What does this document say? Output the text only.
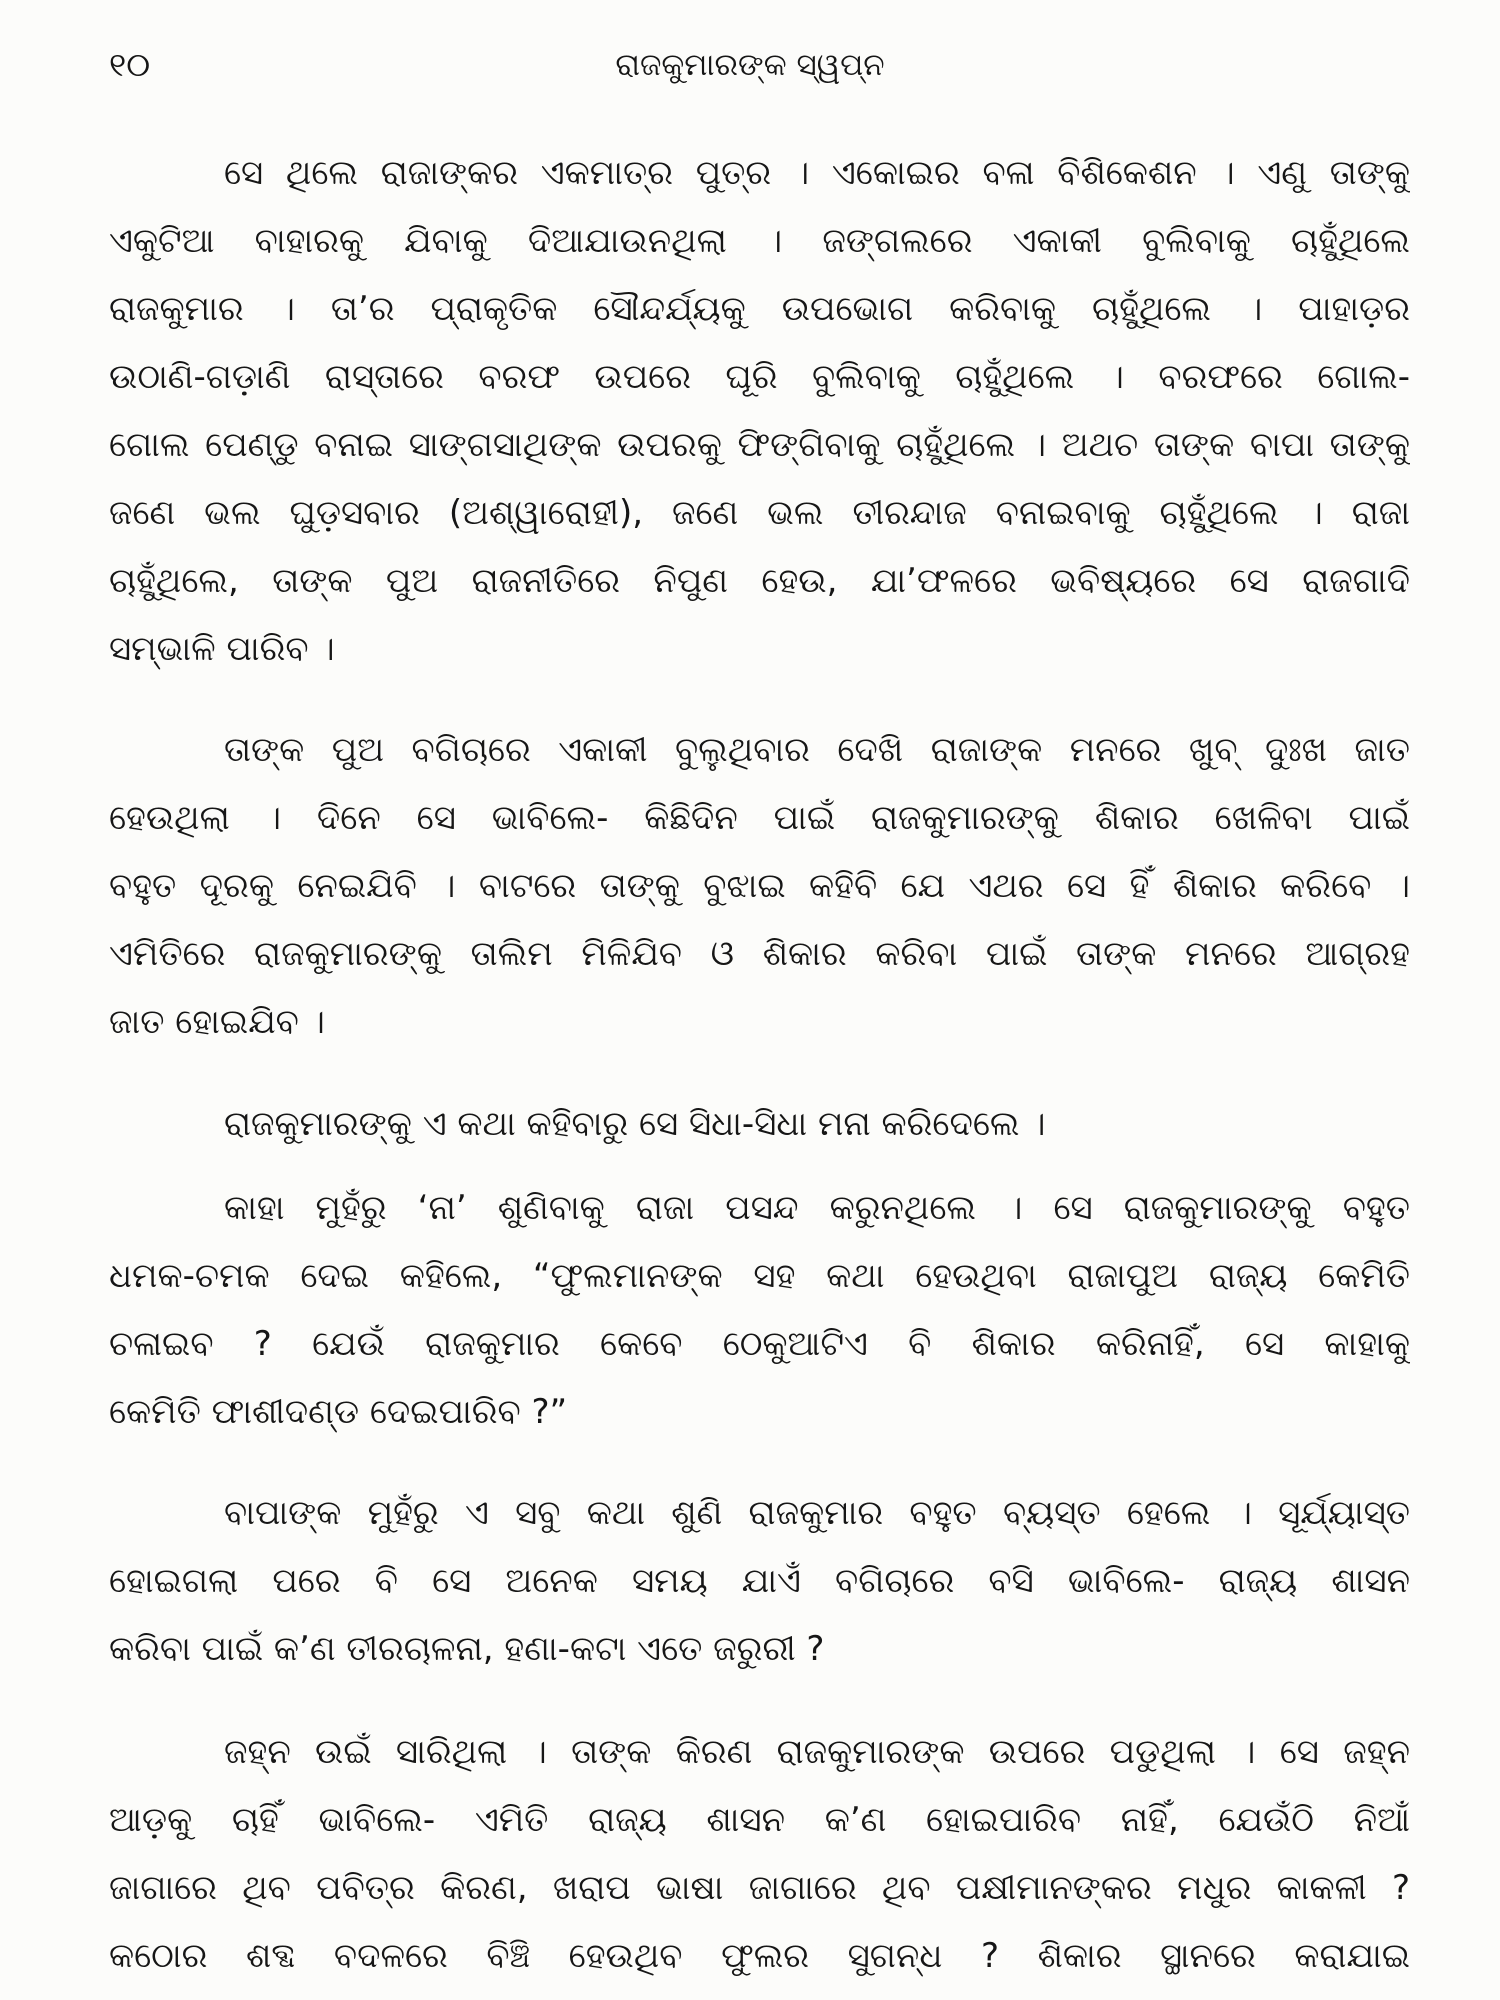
୧୦	ରାଜକୁମାରଙ୍କ ସ୍ୱପ୍ନ
ସେ ଥିଲେ ରାଜାଙ୍କର ଏକମାତ୍ର ପୁତ୍ର । ଏକୋଇର ବଳା ବିଶିକେଶନ । ଏଣୁ ତାଙ୍କୁ
ଏକୁଟିଆ ବାହାରକୁ ଯିବାକୁ ଦିଆଯାଉନଥିଲା । ଜଙ୍ଗଲରେ ଏକାକୀ ବୁଲିବାକୁ ଚାହୁଁଥିଲେ
ରାଜକୁମାର । ତା’ର ପ୍ରାକୃତିକ ସୌନ୍ଦର୍ଯ୍ୟକୁ ଉପଭୋଗ କରିବାକୁ ଚାହୁଁଥିଲେ । ପାହାଡ଼ର
ଉଠାଣି-ଗଡ଼ାଣି ରାସ୍ତାରେ ବରଫ ଉପରେ ଘୂରି ବୁଲିବାକୁ ଚାହୁଁଥିଲେ । ବରଫରେ ଗୋଲ-
ଗୋଲ ପେଣ୍ଡୁ ବନାଇ ସାଙ୍ଗସାଥିଙ୍କ ଉପରକୁ ଫିଙ୍ଗିବାକୁ ଚାହୁଁଥିଲେ । ଅଥଚ ତାଙ୍କ ବାପା ତାଙ୍କୁ
ଜଣେ ଭଲ ଘୁଡ଼ସବାର (ଅଶ୍ୱାରୋହୀ), ଜଣେ ଭଲ ତୀରନ୍ଦାଜ ବନାଇବାକୁ ଚାହୁଁଥିଲେ । ରାଜା
ଚାହୁଁଥିଲେ, ତାଙ୍କ ପୁଅ ରାଜନୀତିରେ ନିପୁଣ ହେଉ, ଯା’ଫଳରେ ଭବିଷ୍ୟରେ ସେ ରାଜଗାଦି
ସମ୍ଭାଳି ପାରିବ ।
ତାଙ୍କ ପୁଅ ବଗିଚାରେ ଏକାକୀ ବୁଲୁଥିବାର ଦେଖି ରାଜାଙ୍କ ମନରେ ଖୁବ୍ ଦୁଃଖ ଜାତ
ହେଉଥିଲା । ଦିନେ ସେ ଭାବିଲେ- କିଛିଦିନ ପାଇଁ ରାଜକୁମାରଙ୍କୁ ଶିକାର ଖେଳିବା ପାଇଁ
ବହୁତ ଦୂରକୁ ନେଇଯିବି । ବାଟରେ ତାଙ୍କୁ ବୁଝାଇ କହିବି ଯେ ଏଥର ସେ ହିଁ ଶିକାର କରିବେ ।
ଏମିତିରେ ରାଜକୁମାରଙ୍କୁ ତାଲିମ ମିଳିଯିବ ଓ ଶିକାର କରିବା ପାଇଁ ତାଙ୍କ ମନରେ ଆଗ୍ରହ
ଜାତ ହୋଇଯିବ ।
ରାଜକୁମାରଙ୍କୁ ଏ କଥା କହିବାରୁ ସେ ସିଧା-ସିଧା ମନା କରିଦେଲେ ।
କାହା ମୁହଁରୁ ‘ନା’ ଶୁଣିବାକୁ ରାଜା ପସନ୍ଦ କରୁନଥିଲେ । ସେ ରାଜକୁମାରଙ୍କୁ ବହୁତ
ଧମକ-ଚମକ ଦେଇ କହିଲେ, “ଫୁଲମାନଙ୍କ ସହ କଥା ହେଉଥିବା ରାଜାପୁଅ ରାଜ୍ୟ କେମିତି
ଚଳାଇବ ? ଯେଉଁ ରାଜକୁମାର କେବେ ଠେକୁଆଟିଏ ବି ଶିକାର କରିନାହିଁ, ସେ କାହାକୁ
କେମିତି ଫାଶୀଦଣ୍ଡ ଦେଇପାରିବ ?”
ବାପାଙ୍କ ମୁହଁରୁ ଏ ସବୁ କଥା ଶୁଣି ରାଜକୁମାର ବହୁତ ବ୍ୟସ୍ତ ହେଲେ । ସୂର୍ଯ୍ୟାସ୍ତ
ହୋଇଗଲା ପରେ ବି ସେ ଅନେକ ସମୟ ଯାଏଁ ବଗିଚାରେ ବସି ଭାବିଲେ- ରାଜ୍ୟ ଶାସନ
କରିବା ପାଇଁ କ’ଣ ତୀରଚାଳନା, ହଣା-କଟା ଏତେ ଜରୁରୀ ?
ଜହ୍ନ ଉଇଁ ସାରିଥିଲା । ତାଙ୍କ କିରଣ ରାଜକୁମାରଙ୍କ ଉପରେ ପଡୁଥିଲା । ସେ ଜହ୍ନ
ଆଡ଼କୁ ଚାହିଁ ଭାବିଲେ- ଏମିତି ରାଜ୍ୟ ଶାସନ କ’ଣ ହୋଇପାରିବ ନାହିଁ, ଯେଉଁଠି ନିଆଁ
ଜାଗାରେ ଥିବ ପବିତ୍ର କିରଣ, ଖରାପ ଭାଷା ଜାଗାରେ ଥିବ ପକ୍ଷୀମାନଙ୍କର ମଧୁର କାକଳୀ ?
କଠୋର ଶବ୍ଦ ବଦଳରେ ବିଞ୍ଚି ହେଉଥିବ ଫୁଲର ସୁଗନ୍ଧ ? ଶିକାର ସ୍ଥାନରେ କରାଯାଇ
